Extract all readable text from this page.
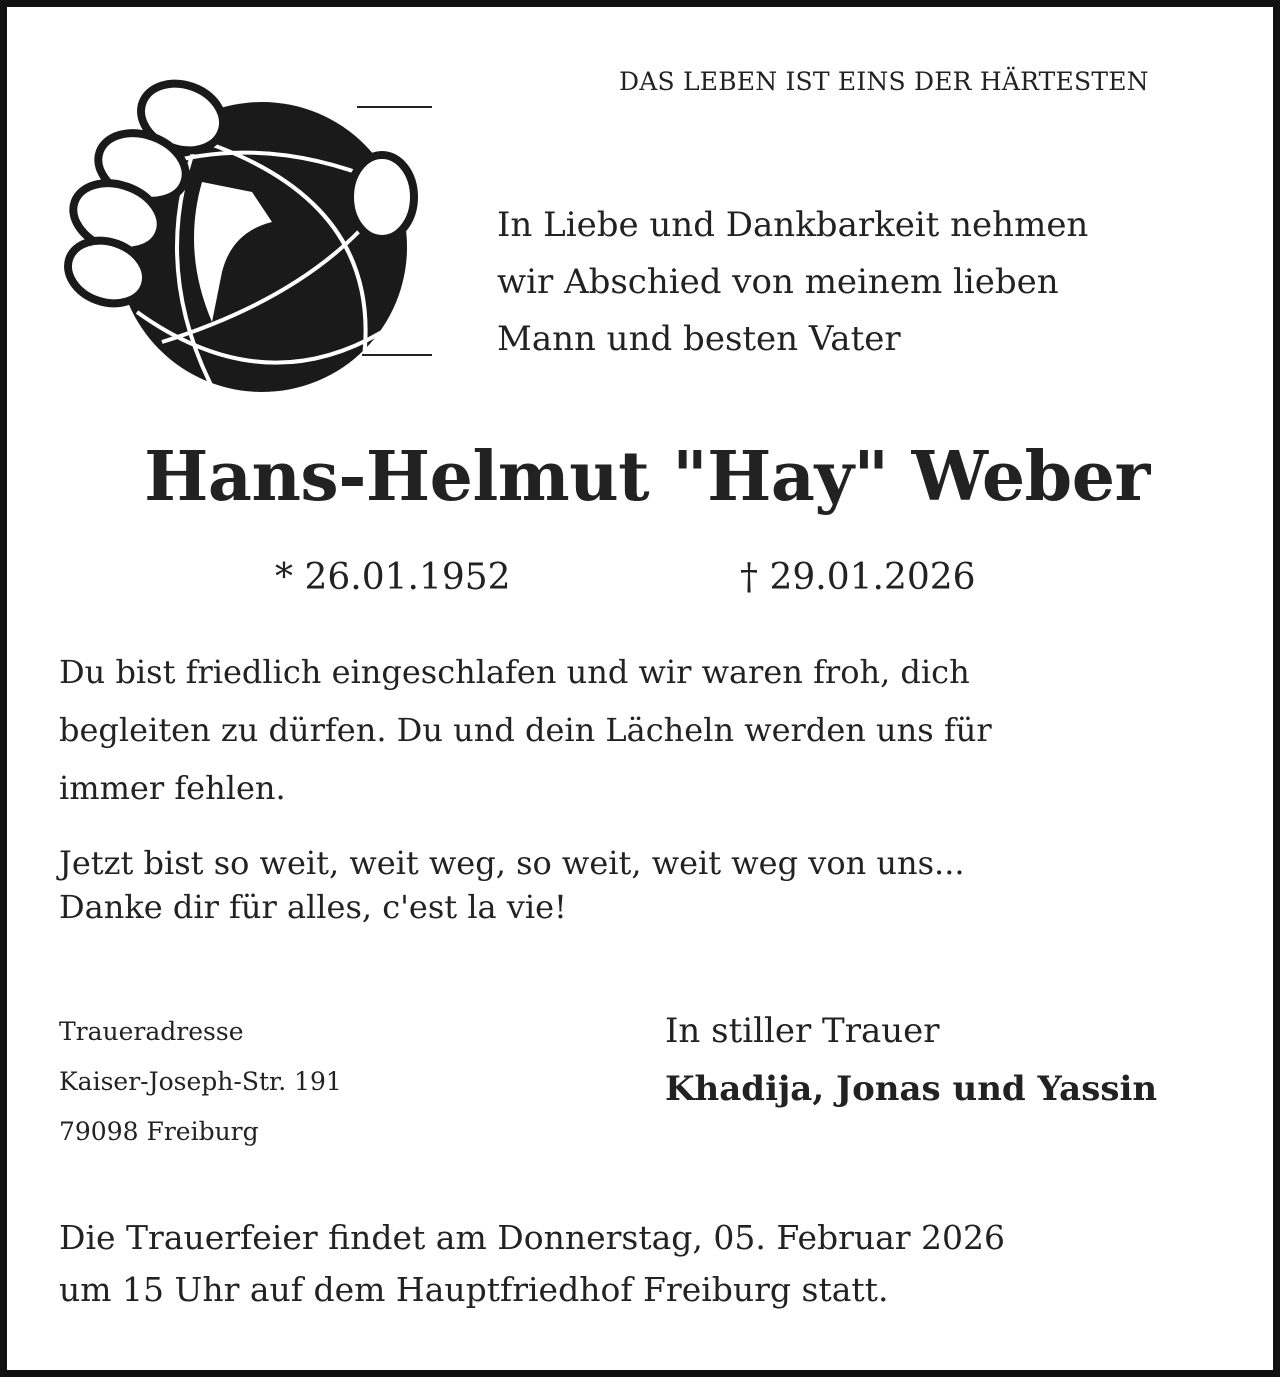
DAS LEBEN IST EINS DER HÄRTESTEN
In Liebe und Dankbarkeit nehmen
wir Abschied von meinem lieben
Mann und besten Vater
Hans-Helmut "Hay" Weber
* 26.01.1952	† 29.01.2026
Du bist friedlich eingeschlafen und wir waren froh, dich
begleiten zu dürfen. Du und dein Lächeln werden uns für
immer fehlen.
Jetzt bist so weit, weit weg, so weit, weit weg von uns...
Danke dir für alles, c'est la vie!
Traueradresse
Kaiser-Joseph-Str. 191
79098 Freiburg
In stiller Trauer
Khadija, Jonas und Yassin
Die Trauerfeier findet am Donnerstag, 05. Februar 2026
um 15 Uhr auf dem Hauptfriedhof Freiburg statt.
